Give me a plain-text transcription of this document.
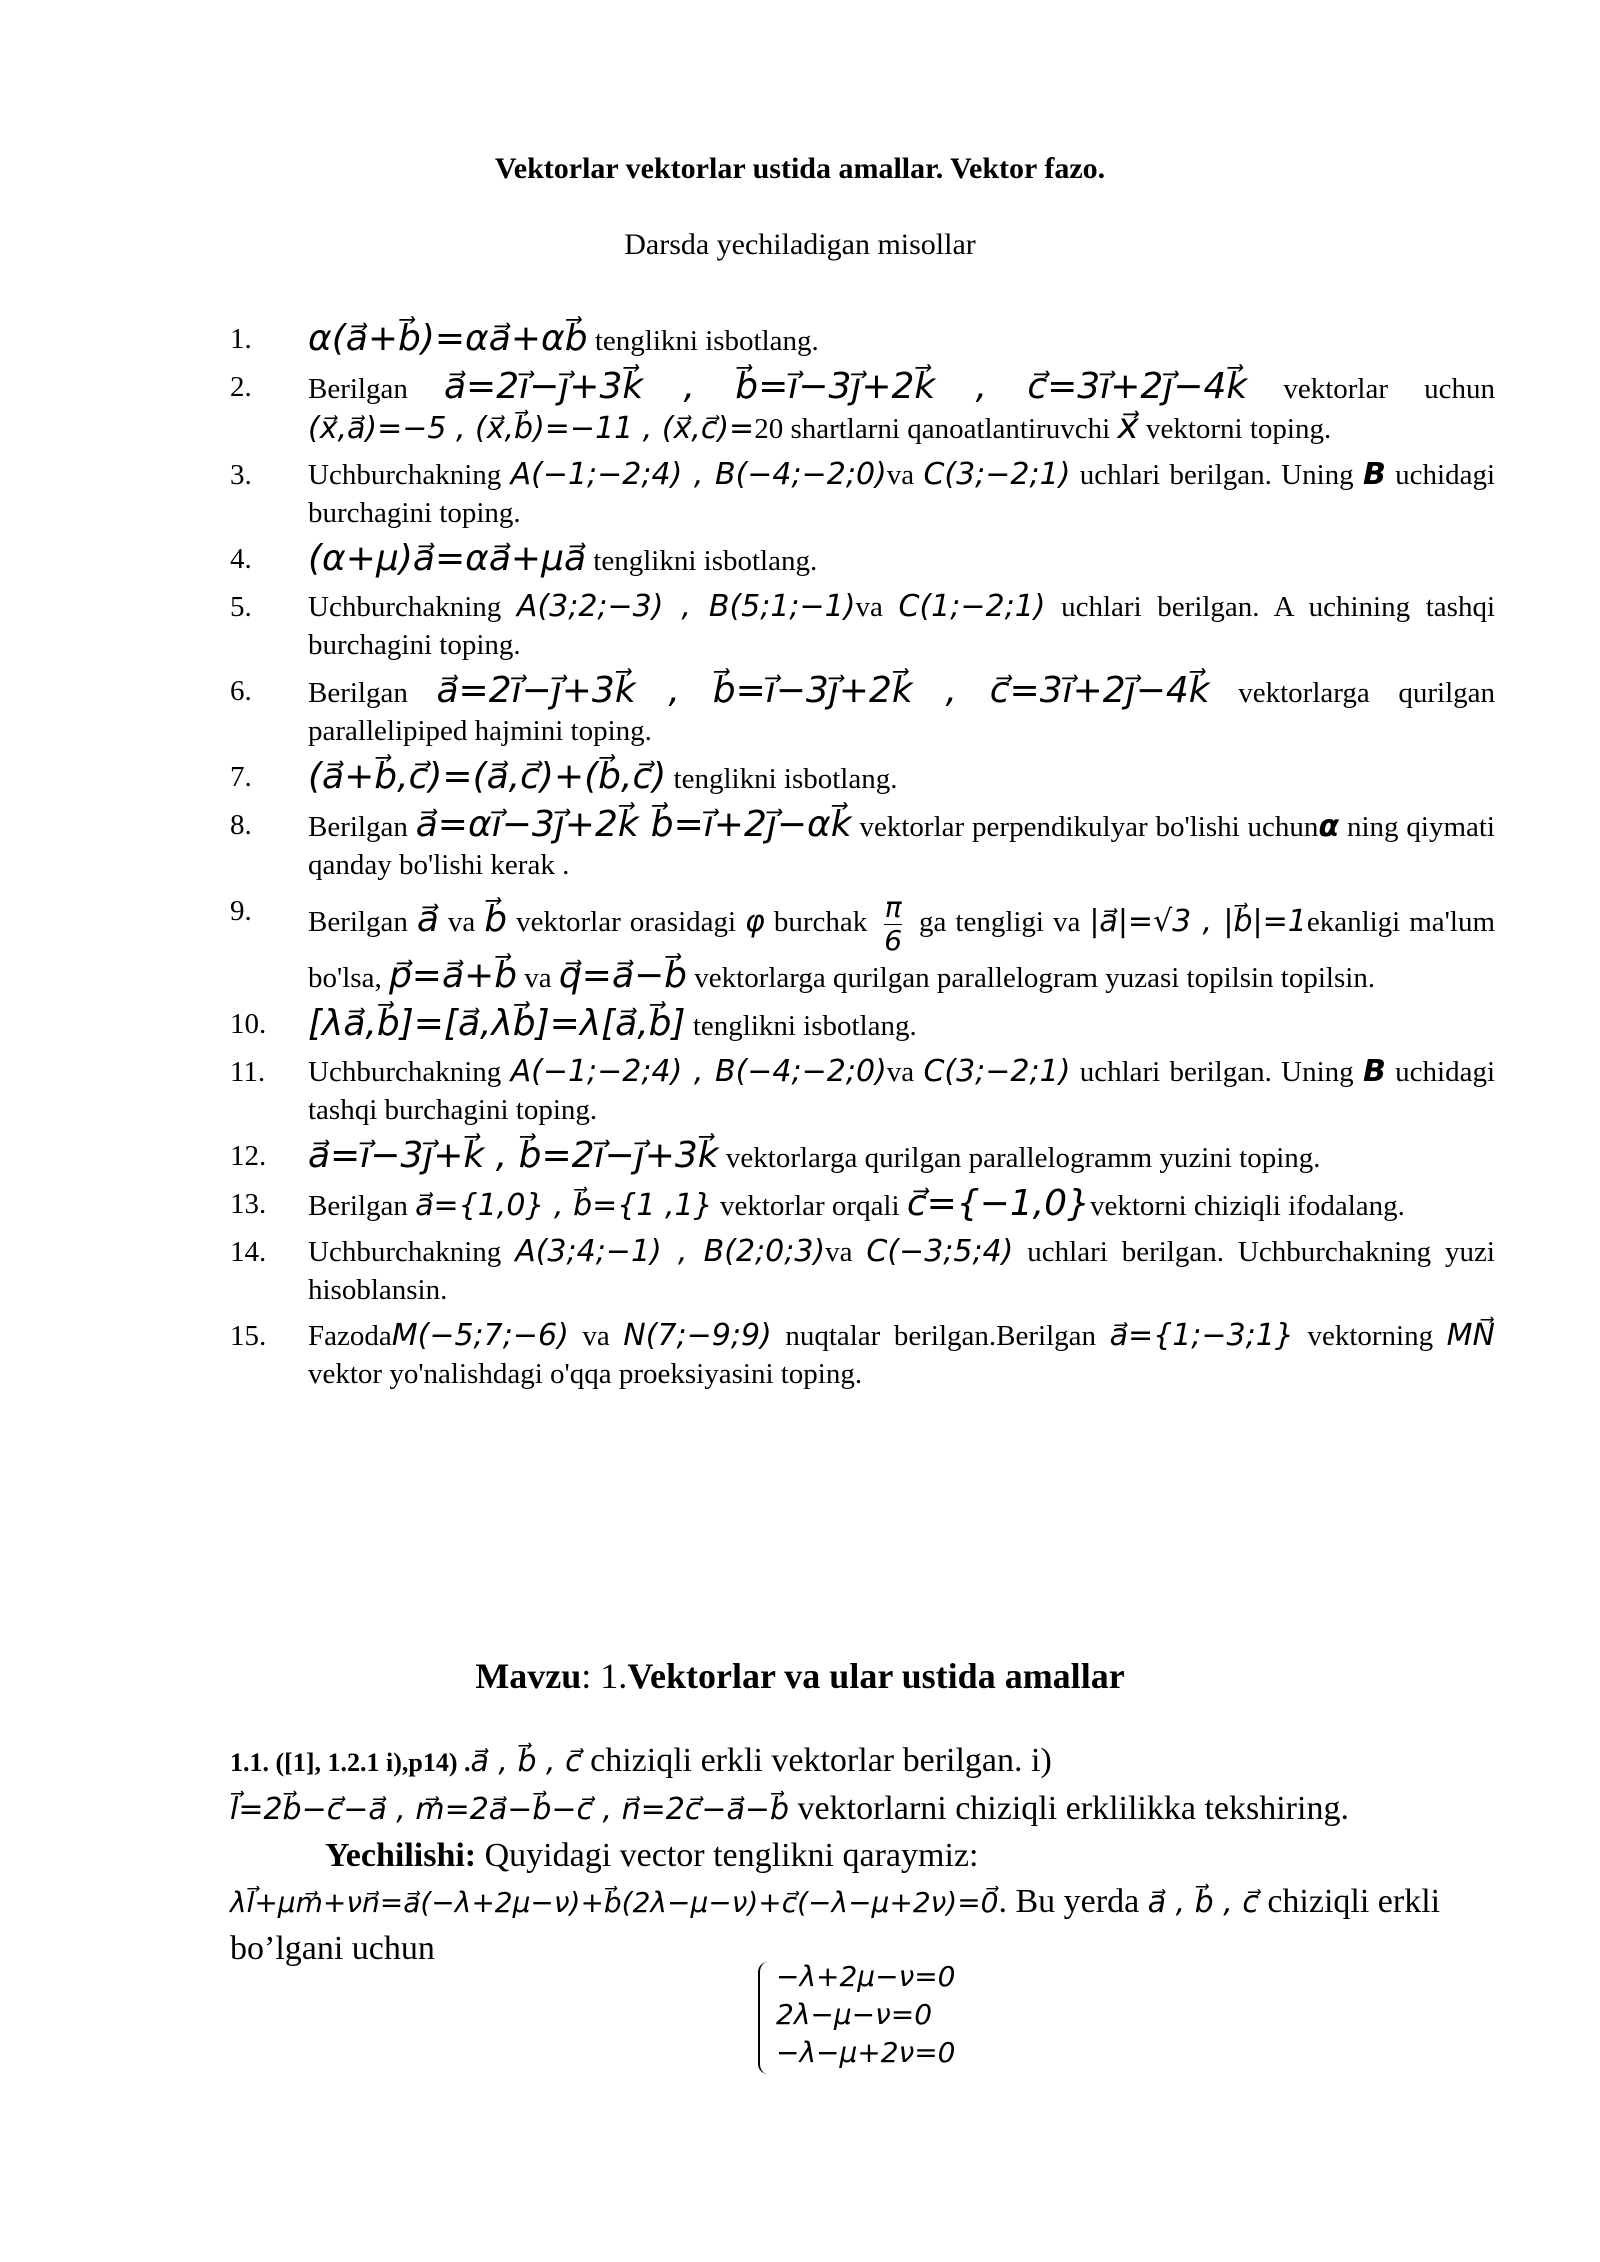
Vektorlar vektorlar ustida amallar. Vektor fazo.
Darsda yechiladigan misollar
1.	α(a⃗+b⃗)=αa⃗+αb⃗ tenglikni isbotlang.
2.	Berilgan a⃗=2i⃗−j⃗+3k⃗ , b⃗=i⃗−3j⃗+2k⃗ , c⃗=3i⃗+2j⃗−4k⃗ vektorlar uchun (x⃗,a⃗)=−5 , (x⃗,b⃗)=−11 , (x⃗,c⃗)=20 shartlarni qanoatlantiruvchi x⃗ vektorni toping.
3.	Uchburchakning A(−1;−2;4) , B(−4;−2;0)va C(3;−2;1) uchlari berilgan. Uning B uchidagi burchagini toping.
4.	(α+μ)a⃗=αa⃗+μa⃗ tenglikni isbotlang.
5.	Uchburchakning A(3;2;−3) , B(5;1;−1)va C(1;−2;1) uchlari berilgan. A uchining tashqi burchagini toping.
6.	Berilgan a⃗=2i⃗−j⃗+3k⃗ , b⃗=i⃗−3j⃗+2k⃗ , c⃗=3i⃗+2j⃗−4k⃗ vektorlarga qurilgan parallelipiped hajmini toping.
7.	(a⃗+b⃗,c⃗)=(a⃗,c⃗)+(b⃗,c⃗) tenglikni isbotlang.
8.	Berilgan a⃗=αi⃗−3j⃗+2k⃗ b⃗=i⃗+2j⃗−αk⃗ vektorlar perpendikulyar bo'lishi uchunα ning qiymati qanday bo'lishi kerak .
9.	Berilgan a⃗ va b⃗ vektorlar orasidagi φ burchak $\frac{\pi}{6}$ ga tengligi va |a⃗|=√3 , |b⃗|=1ekanligi ma'lum bo'lsa, p⃗=a⃗+b⃗ va q⃗=a⃗−b⃗ vektorlarga qurilgan parallelogram yuzasi topilsin topilsin.
10.	[λa⃗,b⃗]=[a⃗,λb⃗]=λ[a⃗,b⃗] tenglikni isbotlang.
11.	Uchburchakning A(−1;−2;4) , B(−4;−2;0)va C(3;−2;1) uchlari berilgan. Uning B uchidagi tashqi burchagini toping.
12.	a⃗=i⃗−3j⃗+k⃗ , b⃗=2i⃗−j⃗+3k⃗ vektorlarga qurilgan parallelogramm yuzini toping.
13.	Berilgan a⃗={1,0} , b⃗={1 ,1} vektorlar orqali c⃗={−1,0}vektorni chiziqli ifodalang.
14.	Uchburchakning A(3;4;−1) , B(2;0;3)va C(−3;5;4) uchlari berilgan. Uchburchakning yuzi hisoblansin.
15.	FazodaM(−5;7;−6) va N(7;−9;9) nuqtalar berilgan.Berilgan a⃗={1;−3;1} vektorning MN⃗ vektor yo'nalishdagi o'qqa proeksiyasini toping.
Mavzu: 1.Vektorlar va ular ustida amallar
1.1. ([1], 1.2.1 i),p14) .a⃗ , b⃗ , c⃗ chiziqli erkli vektorlar berilgan. i)
l⃗=2b⃗−c⃗−a⃗ , m⃗=2a⃗−b⃗−c⃗ , n⃗=2c⃗−a⃗−b⃗ vektorlarni chiziqli erklilikka tekshiring.
Yechilishi: Quyidagi vector tenglikni qaraymiz:
λl⃗+μm⃗+νn⃗=a⃗(−λ+2μ−ν)+b⃗(2λ−μ−ν)+c⃗(−λ−μ+2ν)=0⃗. Bu yerda a⃗ , b⃗ , c⃗ chiziqli erkli bo’lgani uchun
−λ+2μ−ν=0
2λ−μ−ν=0
−λ−μ+2ν=0
